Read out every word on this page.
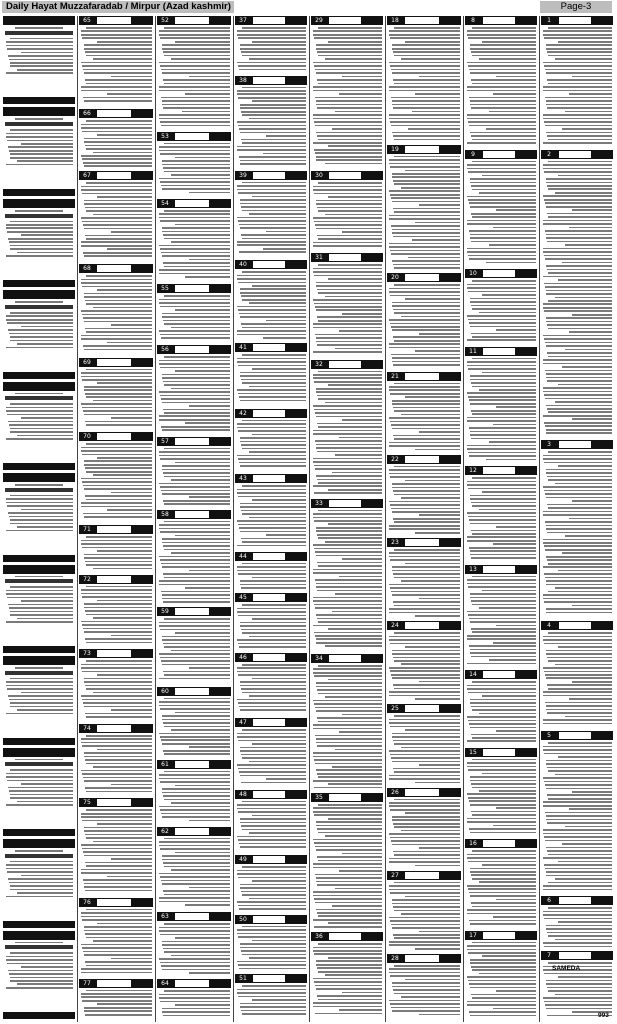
Daily Hayat Muzzafaradab / Mirpur (Azad kashmir)	Page-3
65
66
67
68
69
70
71
72
73
74
75
76
77
52
53
54
55
56
57
58
59
60
61
62
63
64
37
38
39
40
41
42
43
44
45
46
47
48
49
50
51
29
30
31
32
33
34
35
36
18
19
20
21
22
23
24
25
26
27
28
8
9
10
11
12
13
14
15
16
17
1
2
3
4
5
6
7
SAMEDA
993
